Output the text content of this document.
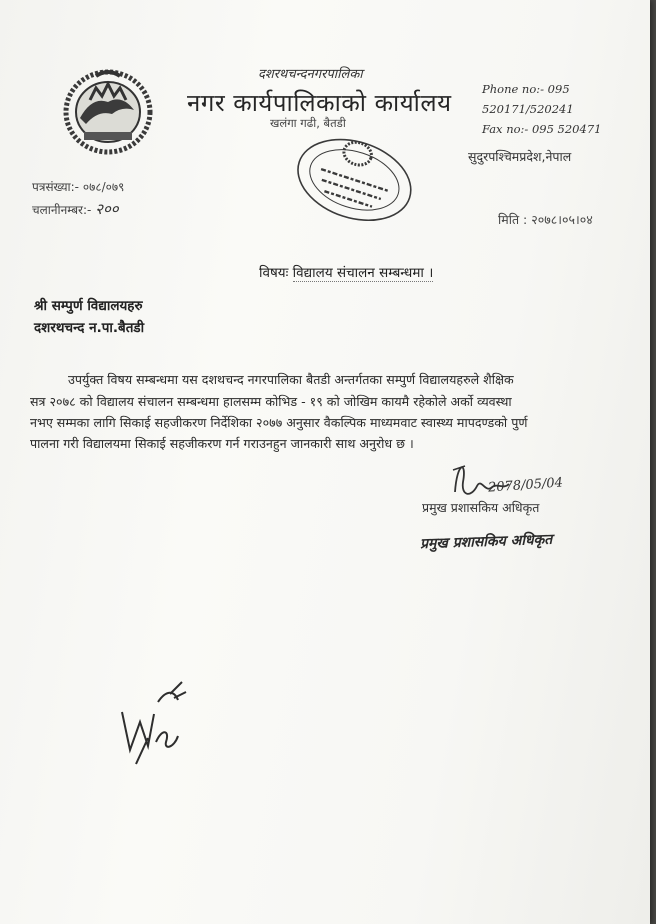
दशरथचन्दनगरपालिका
नगर कार्यपालिकाको कार्यालय
खलंगा गढी, बैतडी
Phone no:- 095
520171/520241
Fax no:- 095 520471
सुदुरपश्चिमप्रदेश,नेपाल
पत्रसंख्या:- ०७८/०७९
चलानीनम्बर:- २००
मिति : २०७८।०५।०४
विषयः विद्यालय संचालन सम्बन्धमा ।
श्री सम्पुर्ण विद्यालयहरु
दशरथचन्द न.पा.बैतडी
उपर्युक्त विषय सम्बन्धमा यस दशथचन्द नगरपालिका बैतडी अन्तर्गतका सम्पुर्ण विद्यालयहरुले शैक्षिक
सत्र २०७८ को विद्यालय संचालन सम्बन्धमा हालसम्म कोभिड - १९ को जोखिम कायमै रहेकोले अर्को व्यवस्था
नभए सम्मका लागि सिकाई सहजीकरण निर्देशिका २०७७ अनुसार वैकल्पिक माध्यमवाट स्वास्थ्य मापदण्डको पुर्ण
पालना गरी विद्यालयमा सिकाई सहजीकरण गर्न गराउनहुन जानकारी साथ अनुरोध छ ।
2078/05/04
प्रमुख प्रशासकिय अधिकृत
प्रमुख प्रशासकिय अधिकृत
